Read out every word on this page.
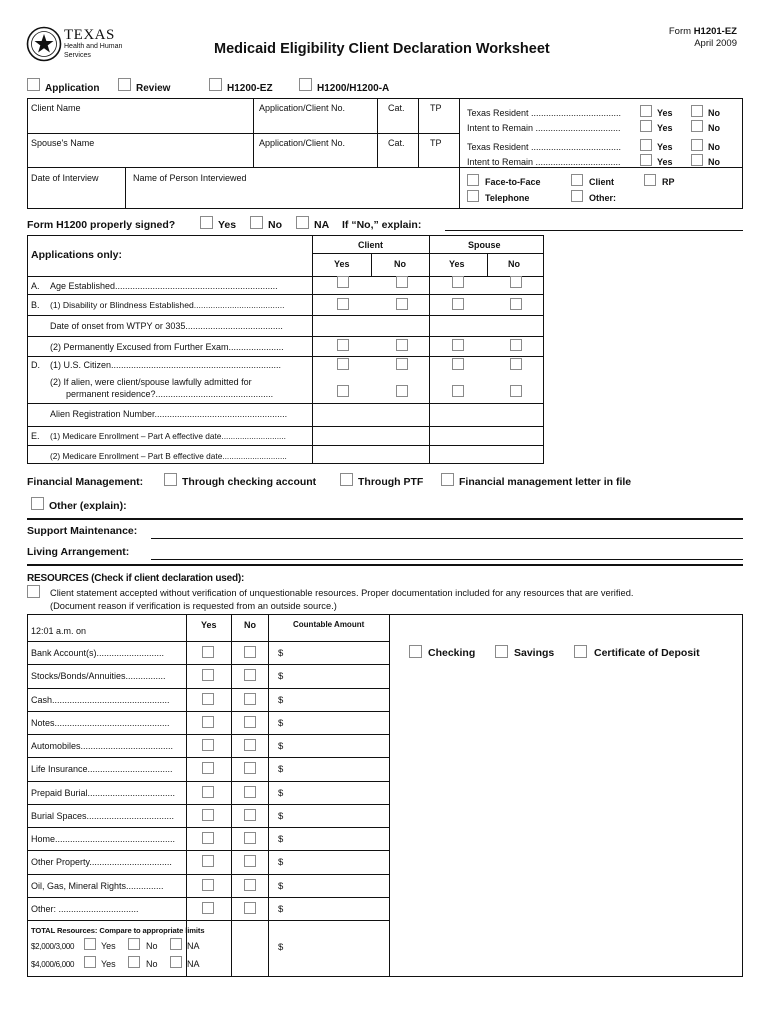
TEXAS
Health and Human
Services	Medicaid Eligibility Client Declaration Worksheet
Form H1201-EZ
April 2009
Application	Review	H1200-EZ	H1200/H1200-A
Client Name	Application/Client No.	Cat.	TP
Spouse's Name	Application/Client No.	Cat.	TP
Date of Interview	Name of Person Interviewed
Texas Resident ....................................	Yes	No
Intent to Remain ..................................	Yes	No
Texas Resident ....................................	Yes	No
Intent to Remain ..................................	Yes	No
Face-to-Face	Client	RP
Telephone	Other:
Form H1200 properly signed?	Yes	No	NA If “No,” explain:
Applications only:
Client	Spouse
Yes	No	Yes	No
A. Age Established.................................................................
B. (1) Disability or Blindness Established......................................
Date of onset from WTPY or 3035.......................................
(2) Permanently Excused from Further Exam......................
D. (1) U.S. Citizen....................................................................
(2) If alien, were client/spouse lawfully admitted for
permanent residence?...............................................
Alien Registration Number.....................................................
E. (1) Medicare Enrollment – Part A effective date............................
(2) Medicare Enrollment – Part B effective date............................
Financial Management:	Through checking account	Through PTF	Financial management letter in file
Other (explain):
Support Maintenance:
Living Arrangement:
RESOURCES (Check if client declaration used):
Client statement accepted without verification of unquestionable resources. Proper documentation included for any resources that are verified.
(Document reason if verification is requested from an outside source.)
12:01 a.m. on
Yes	No	Countable Amount
Bank Account(s)...........................	$
Stocks/Bonds/Annuities................	$
Cash...............................................	$
Notes..............................................	$
Automobiles.....................................	$
Life Insurance..................................	$
Prepaid Burial...................................	$
Burial Spaces...................................	$
Home................................................	$
Other Property.................................	$
Oil, Gas, Mineral Rights...............	$
Other: ................................	$
Checking	Savings	Certificate of Deposit
TOTAL Resources: Compare to appropriate limits
$2,000/3,000	Yes	No	NA
$4,000/6,000	Yes	No	NA
$
